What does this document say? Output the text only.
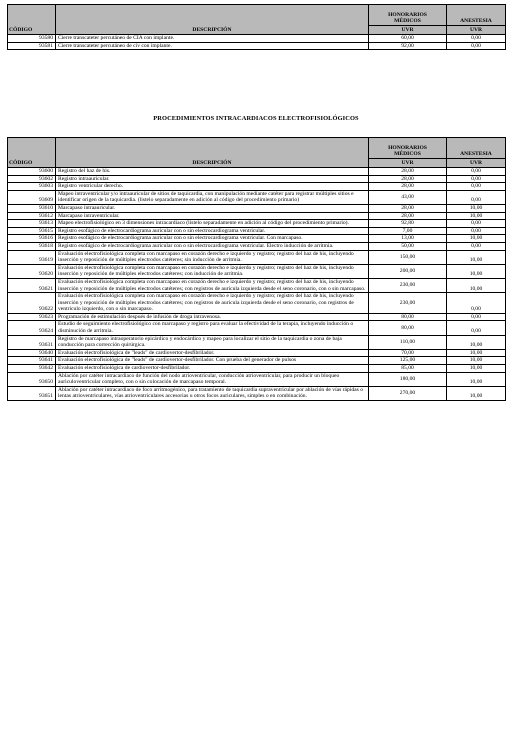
CÓDIGO	DESCRIPCIÓN	HONORARIOS
MÉDICOS	ANESTESIA
		UVR	UVR
93580	Cierre transcateter percutáneo de CIA con implante.	60,00	0,00
93581	Cierre transcateter percutáneo de civ con implante.	92,00	0,00
PROCEDIMIENTOS INTRACARDIACOS ELECTROFISIOLÓGICOS
CÓDIGO	DESCRIPCIÓN	HONORARIOS
MÉDICOS	ANESTESIA
		UVR	UVR
93600	Registro del haz de his.	28,00	0,00
93602	Registro intraauricular.	28,00	0,00
93603	Registro ventricular derecho.	28,00	0,00
93609	Mapeo intraventricular y/o intraauricular de sitios de taquicardia, con manipulación mediante catéter para registrar múltiples sitios e identificar origen de la taquicardia. (listelo separadamente en adición al código del procedimiento primario)	43,00	0,00
93610	Marcapaso intraauricular.	28,00	10,00
93612	Marcapaso intraventricular.	28,00	10,00
93613	Mapeo electrofisiológico en 3 dimensiones intracardiaco (listelo separadamente en adición al código del procedimiento primario).	92,80	0,00
93615	Registro esofágico de electrocardiograma auricular con o sin electrocardiograma ventricular.	7,00	0,00
93616	Registro esofágico de electrocardiograma auricular con o sin electrocardiograma ventricular. Con marcapaso.	13,00	10,00
93618	Registro esofágico de electrocardiograma auricular con o sin electrocardiograma ventricular. Electro inducción de arritmia.	50,00	0,00
93619	Evaluación electrofisiológica completa con marcapaso en corazón derecho e izquierdo y registro; registro del haz de his, incluyendo inserción y reposición de múltiples electrodos catéteres; sin inducción de arritmia.	150,00	10,00
93620	Evaluación electrofisiológica completa con marcapaso en corazón derecho e izquierdo y registro; registro del haz de his, incluyendo inserción y reposición de múltiples electrodos catéteres; con inducción de arritmia.	200,00	10,00
93621	Evaluación electrofisiológica completa con marcapaso en corazón derecho e izquierdo y registro; registro del haz de his, incluyendo inserción y reposición de múltiples electrodos catéteres; con registros de aurícula izquierda desde el seno coronario, con o sin marcapaso.	230,00	10,00
93622	Evaluación electrofisiológica completa con marcapaso en corazón derecho e izquierdo y registro; registro del haz de his, incluyendo inserción y reposición de múltiples electrodos catéteres; con registros de aurícula izquierda desde el seno coronario, con registros de ventrículo izquierdo, con o sin marcapaso.	230,00	0,00
93623	Programación de estimulación después de infusión de droga intravenosa.	80,00	0,00
93624	Estudio de seguimiento electrofisiológico con marcapaso y registro para evaluar la efectividad de la terapia, incluyendo inducción o disminución de arritmia.	80,00	0,00
93631	Registro de marcapaso intraoperatorio epicárdico y endocárdico y mapeo para localizar el sitio de la taquicardia o zona de baja conducción para corrección quirúrgica.	110,00	10,00
93640	Evaluación electrofisiológica de "leads" de cardiovertor-desfibrilador.	70,00	10,00
93641	Evaluación electrofisiológica de "leads" de cardiovertor-desfibrilador. Con prueba del generador de pulsos	125,00	10,00
93642	Evaluación electrofisiológica de cardiovertor-desfibrilador.	85,00	10,00
93650	Ablación por catéter intracardiaco de función del nodo atrioventricular, conducción atrioventricular, para producir un bloqueo auriculoventricular completo, con o sin colocación de marcapaso temporal.	180,00	10,00
93651	Ablación por catéter intracardiaco de foco arritmogénico, para tratamiento de taquicardia supraventricular por ablación de vías rápidas o lentas atrioventriculares, vías atrioventriculares accesorias u otros focos auriculares, simples o en combinación.	270,00	10,00
